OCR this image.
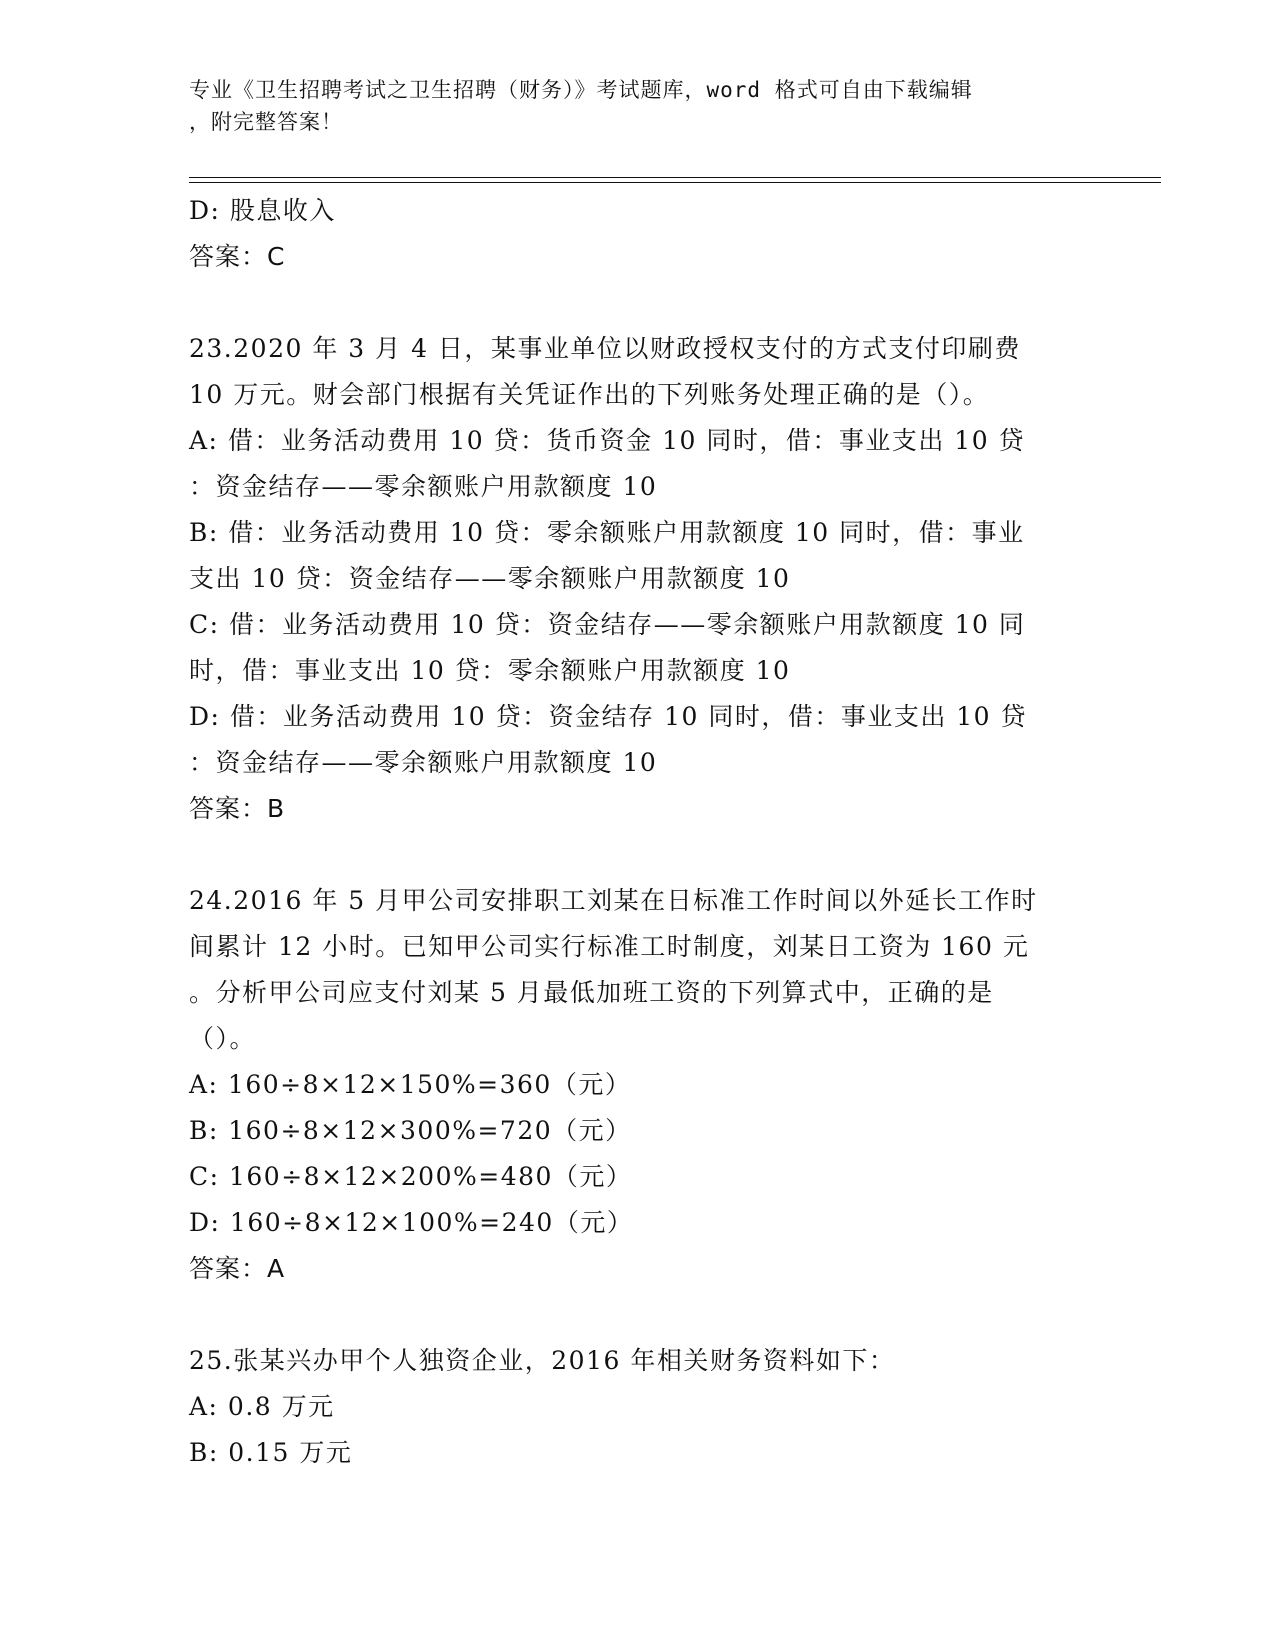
专业《卫生招聘考试之卫生招聘（财务）》考试题库，word 格式可自由下载编辑
，附完整答案！
D: 股息收入
答案：C
23.2020 年 3 月 4 日，某事业单位以财政授权支付的方式支付印刷费
10 万元。财会部门根据有关凭证作出的下列账务处理正确的是（）。
A: 借：业务活动费用 10 贷：货币资金 10 同时，借：事业支出 10 贷
：资金结存——零余额账户用款额度 10
B: 借：业务活动费用 10 贷：零余额账户用款额度 10 同时，借：事业
支出 10 贷：资金结存——零余额账户用款额度 10
C: 借：业务活动费用 10 贷：资金结存——零余额账户用款额度 10 同
时，借：事业支出 10 贷：零余额账户用款额度 10
D: 借：业务活动费用 10 贷：资金结存 10 同时，借：事业支出 10 贷
：资金结存——零余额账户用款额度 10
答案：B
24.2016 年 5 月甲公司安排职工刘某在日标准工作时间以外延长工作时
间累计 12 小时。已知甲公司实行标准工时制度，刘某日工资为 160 元
。分析甲公司应支付刘某 5 月最低加班工资的下列算式中，正确的是
（）。
A: 160÷8×12×150%=360（元）
B: 160÷8×12×300%=720（元）
C: 160÷8×12×200%=480（元）
D: 160÷8×12×100%=240（元）
答案：A
25.张某兴办甲个人独资企业，2016 年相关财务资料如下：
A: 0.8 万元
B: 0.15 万元
